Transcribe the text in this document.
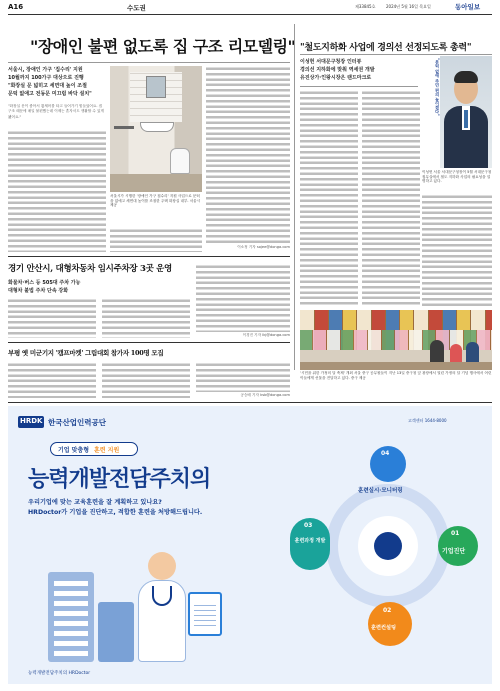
A16	수도권	제33845호	2024년 5월 16일 목요일	동아일보
"장애인 불편 없도록 집 구조 리모델링"
서울시, 장애인 가구 '집수리' 지원
10월까지 100가구 대상으로 진행
"화장실 문 넓히고 세면대 높이 조절
문턱 없애고 전동문 미끄럼 바닥 설치"
"화장실 문이 좁아서 휠체어를 타고 들어가기 힘들었어요. 집 구조 때문에 매일 불편했는데 이제는 혼자서도 생활할 수 있게 됐어요."
서울시가 시행한 '장애인 가구 집수리' 지원 사업으로 문턱을 없애고 세면대 높이를 조절한 주택 화장실 내부. 서울시 제공
이소정 기자 sojee@donga.com
"철도지하화 사업에 경의선 선정되도록 총력"
이성헌 서대문구청장 인터뷰
경의선 지하화에 맞춰 역세권 개발
유진상가·인왕시장은 랜드마크로	"문턱 없애 주민 편의 높이겠다"
이성헌 서울 서대문구청장이 5월 서대문구청 집무실에서 철도 지하화 사업의 필요성을 설명하고 있다.
'시민을 위한 가정의 달 축제' 개최 서울 중구 공무원들이 지난 13일 중구청 앞 광장에서 열린 가정의 달 기념 행사에서 어린이들에게 선물을 전달하고 있다. 중구 제공
경기 안산시, 대형차동차 임시주차장 3곳 운영
화물차·버스 등 505대 주차 가능
대형차 불법 주차 단속 강화
이경진 기자 lkj@donga.com
부평 옛 미군기지 '캠프마켓' 그림대회 참가자 100명 모집
공승배 기자 ksb@donga.com
HRDK 한국산업인력공단	고객센터 1644-8000
기업 맞춤형 훈련 지원
능력개발전담주치의
우리기업에 맞는 교육훈련을 잘 계획하고 있나요?
HRDoctor가 기업을 진단하고, 적합한 훈련을 처방해드립니다.
04
훈련실시·모니터링
01
기업진단
03
훈련과정 개발
02
훈련컨설팅
능력개발전담주치의 HRDoctor
